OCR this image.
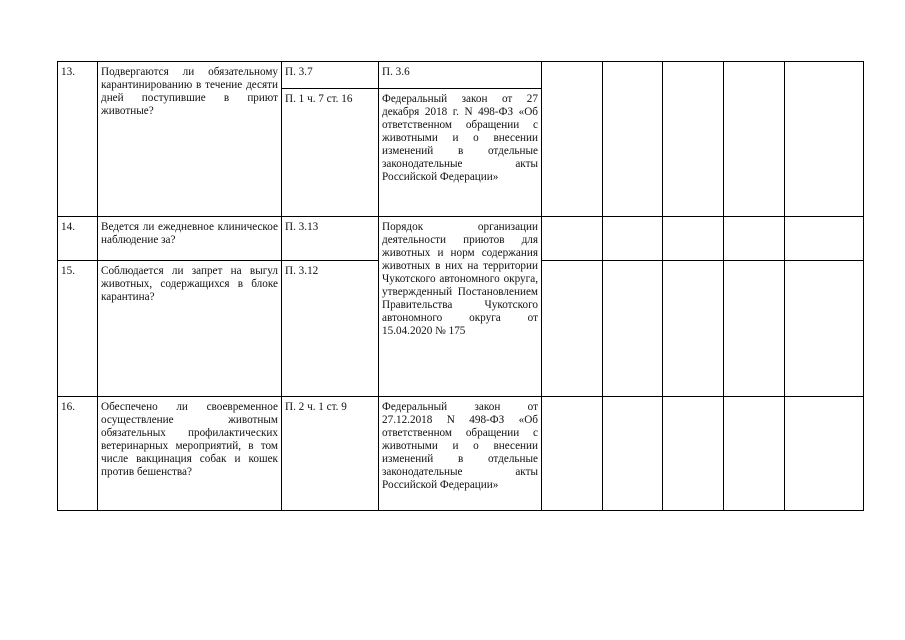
13.	Подвергаются ли обязательному карантинированию в течение десяти дней поступившие в приют животные?	П. 3.7	П. 3.6					
		П. 1 ч. 7 ст. 16	Федеральный закон от 27 декабря 2018 г. N 498-ФЗ «Об ответственном обращении с животными и о внесении изменений в отдельные законодательные акты Российской Федерации»					
14.	Ведется ли ежедневное клиническое наблюдение за?	П. 3.13	Порядок организации деятельности приютов для животных и норм содержания животных в них на территории Чукотского автономного округа, утвержденный Постановлением Правительства Чукотского автономного округа от 15.04.2020 № 175					
15.	Соблюдается ли запрет на выгул животных, содержащихся в блоке карантина?	П. 3.12						
16.	Обеспечено ли своевременное осуществление животным обязательных профилактических ветеринарных мероприятий, в том числе вакцинация собак и кошек против бешенства?	П. 2 ч. 1 ст. 9	Федеральный закон от 27.12.2018 N 498-ФЗ «Об ответственном обращении с животными и о внесении изменений в отдельные законодательные акты Российской Федерации»					
